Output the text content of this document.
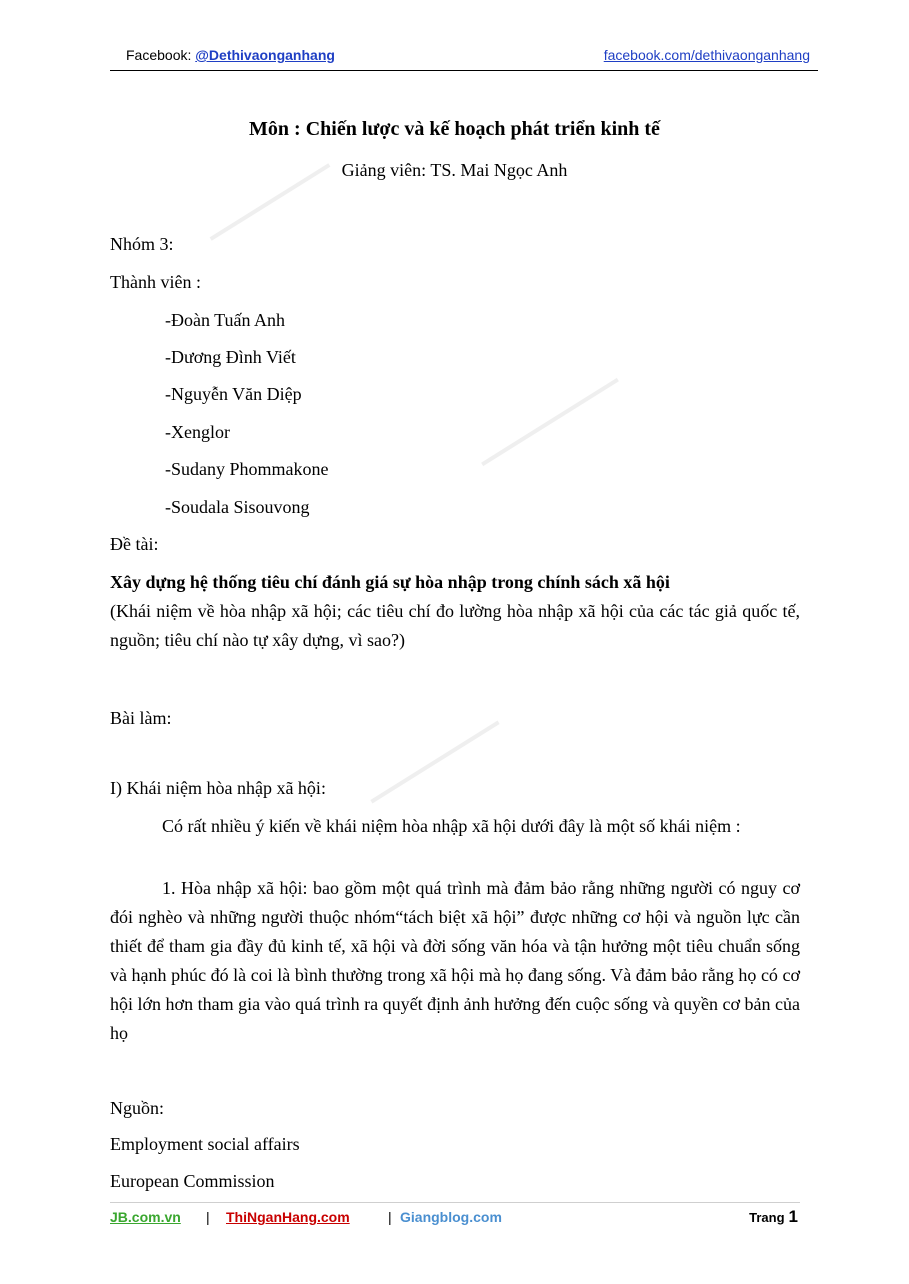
Facebook: @Dethivaonganhang	facebook.com/dethivaonganhang
Môn : Chiến lược và kế hoạch phát triển kinh tế
Giảng viên: TS. Mai Ngọc Anh
Nhóm 3:
Thành viên :
-Đoàn Tuấn Anh
-Dương Đình Viết
-Nguyễn Văn Diệp
-Xenglor
-Sudany Phommakone
-Soudala Sisouvong
Đề tài:
Xây dựng hệ thống tiêu chí đánh giá sự hòa nhập trong chính sách xã hội
(Khái niệm về hòa nhập xã hội; các tiêu chí đo lường hòa nhập xã hội của các tác giả quốc tế, nguồn; tiêu chí nào tự xây dựng, vì sao?)
Bài làm:
I) Khái niệm hòa nhập xã hội:
Có rất nhiều ý kiến về khái niệm hòa nhập xã hội dưới đây là một số khái niệm :
1. Hòa nhập xã hội: bao gồm một quá trình mà đảm bảo rằng những người có nguy cơ đói nghèo và những người thuộc nhóm“tách biệt xã hội” được những cơ hội và nguồn lực cần thiết để tham gia đầy đủ kinh tế, xã hội và đời sống văn hóa và tận hưởng một tiêu chuẩn sống và hạnh phúc đó là coi là bình thường trong xã hội mà họ đang sống. Và đảm bảo rằng họ có cơ hội lớn hơn tham gia vào quá trình ra quyết định ảnh hưởng đến cuộc sống và quyền cơ bản của họ
Nguồn:
Employment social affairs
European Commission
JB.com.vn | ThiNganHang.com	| Giangblog.com	Trang 1
